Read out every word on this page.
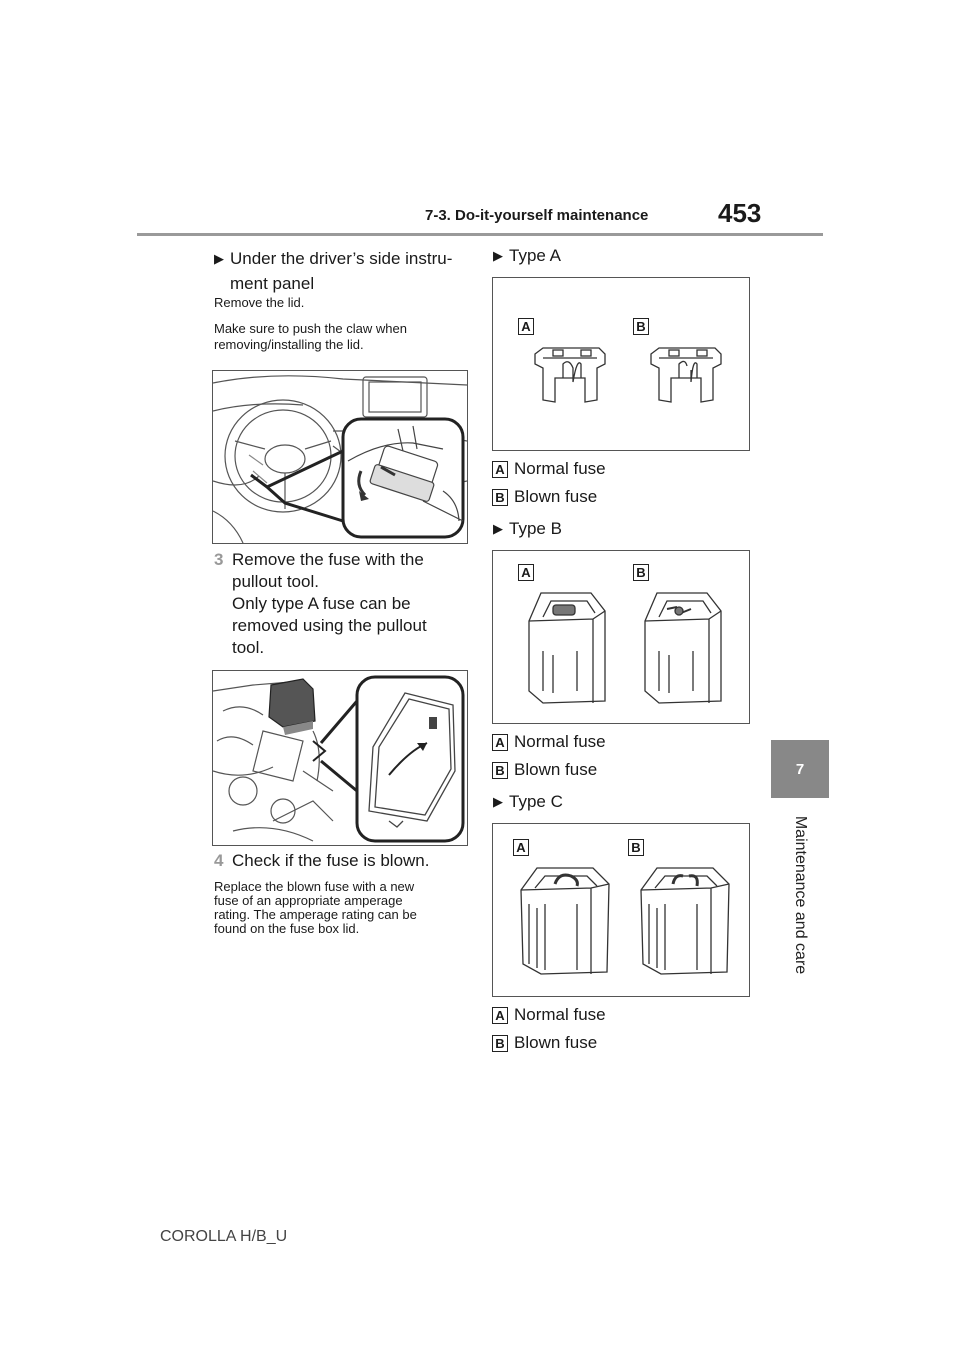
7-3. Do-it-yourself maintenance	453
7
Maintenance and care
▶ Under the driver’s side instru-
ment panel
Remove the lid.
Make sure to push the claw when
removing/installing the lid.
3 Remove the fuse with the
pullout tool.
Only type A fuse can be
removed using the pullout
tool.
4 Check if the fuse is blown.
Replace the blown fuse with a new
fuse of an appropriate amperage
rating. The amperage rating can be
found on the fuse box lid.
▶ Type A
A	B
A Normal fuse
B Blown fuse
▶ Type B
A	B
A Normal fuse
B Blown fuse
▶ Type C
A	B
A Normal fuse
B Blown fuse
COROLLA H/B_U
